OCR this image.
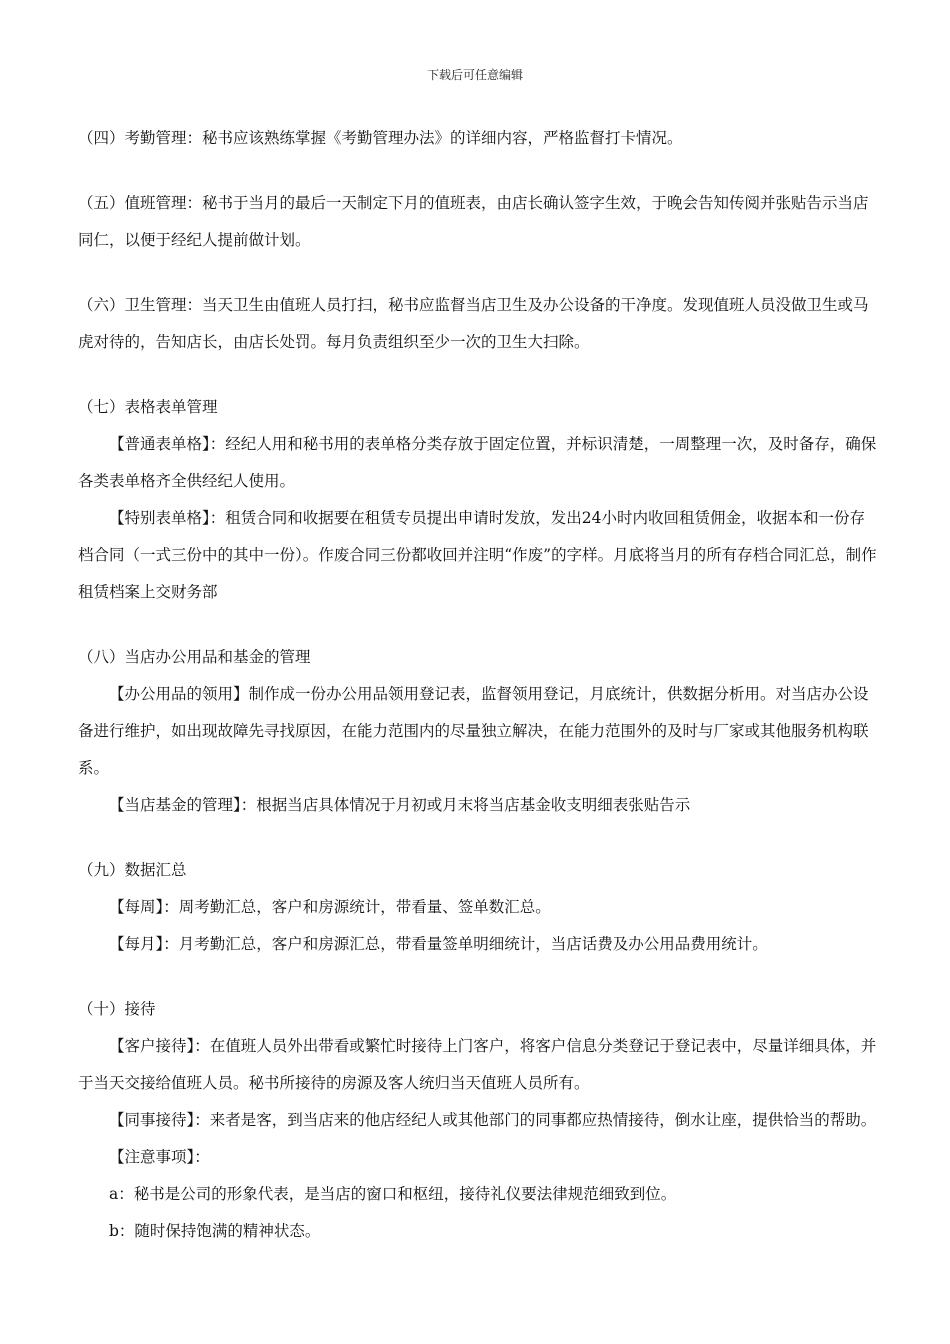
下载后可任意编辑

（四）考勤管理：秘书应该熟练掌握《考勤管理办法》的详细内容，严格监督打卡情况。

（五）值班管理：秘书于当月的最后一天制定下月的值班表，由店长确认签字生效，于晚会告知传阅并张贴告示当店同仁，以便于经纪人提前做计划。

（六）卫生管理：当天卫生由值班人员打扫，秘书应监督当店卫生及办公设备的干净度。发现值班人员没做卫生或马虎对待的，告知店长，由店长处罚。每月负责组织至少一次的卫生大扫除。

（七）表格表单管理

【普通表单格】：经纪人用和秘书用的表单格分类存放于固定位置，并标识清楚，一周整理一次，及时备存，确保各类表单格齐全供经纪人使用。

【特别表单格】：租赁合同和收据要在租赁专员提出申请时发放，发出24小时内收回租赁佣金，收据本和一份存档合同（一式三份中的其中一份）。作废合同三份都收回并注明“作废”的字样。月底将当月的所有存档合同汇总，制作租赁档案上交财务部

（八）当店办公用品和基金的管理

【办公用品的领用】制作成一份办公用品领用登记表，监督领用登记，月底统计，供数据分析用。对当店办公设备进行维护，如出现故障先寻找原因，在能力范围内的尽量独立解决，在能力范围外的及时与厂家或其他服务机构联系。

【当店基金的管理】：根据当店具体情况于月初或月末将当店基金收支明细表张贴告示

（九）数据汇总

【每周】：周考勤汇总，客户和房源统计，带看量、签单数汇总。

【每月】：月考勤汇总，客户和房源汇总，带看量签单明细统计，当店话费及办公用品费用统计。

（十）接待

【客户接待】：在值班人员外出带看或繁忙时接待上门客户，将客户信息分类登记于登记表中，尽量详细具体，并于当天交接给值班人员。秘书所接待的房源及客人统归当天值班人员所有。

【同事接待】：来者是客，到当店来的他店经纪人或其他部门的同事都应热情接待，倒水让座，提供恰当的帮助。

【注意事项】：

a：秘书是公司的形象代表，是当店的窗口和枢纽，接待礼仪要法律规范细致到位。

b：随时保持饱满的精神状态。
